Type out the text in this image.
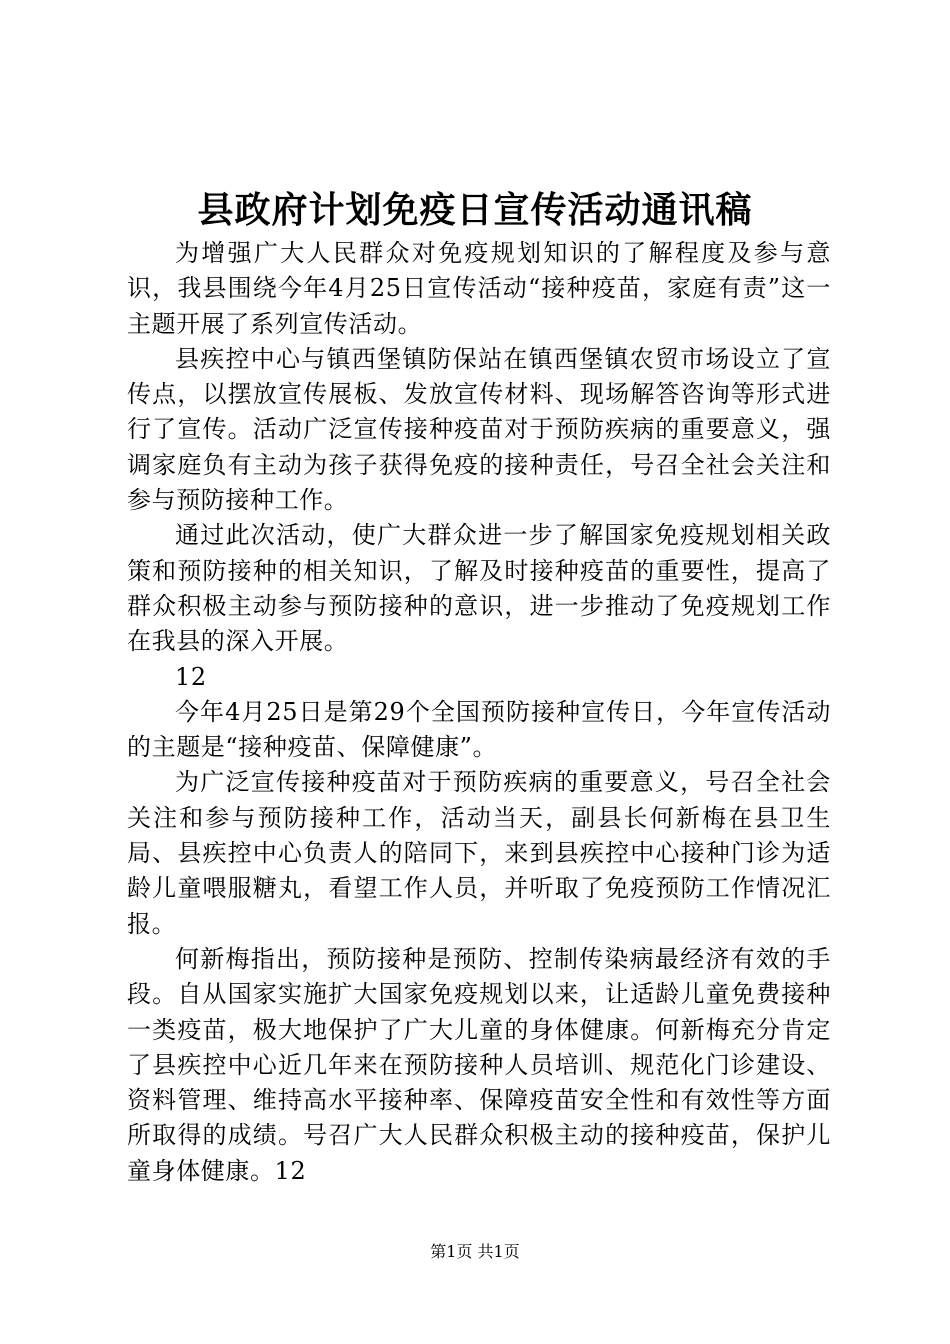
县政府计划免疫日宣传活动通讯稿

为增强广大人民群众对免疫规划知识的了解程度及参与意识，我县围绕今年4月25日宣传活动“接种疫苗，家庭有责”这一主题开展了系列宣传活动。

县疾控中心与镇西堡镇防保站在镇西堡镇农贸市场设立了宣传点，以摆放宣传展板、发放宣传材料、现场解答咨询等形式进行了宣传。活动广泛宣传接种疫苗对于预防疾病的重要意义，强调家庭负有主动为孩子获得免疫的接种责任，号召全社会关注和参与预防接种工作。

通过此次活动，使广大群众进一步了解国家免疫规划相关政策和预防接种的相关知识，了解及时接种疫苗的重要性，提高了群众积极主动参与预防接种的意识，进一步推动了免疫规划工作在我县的深入开展。

12

今年4月25日是第29个全国预防接种宣传日，今年宣传活动的主题是“接种疫苗、保障健康”。

为广泛宣传接种疫苗对于预防疾病的重要意义，号召全社会关注和参与预防接种工作，活动当天，副县长何新梅在县卫生局、县疾控中心负责人的陪同下，来到县疾控中心接种门诊为适龄儿童喂服糖丸，看望工作人员，并听取了免疫预防工作情况汇报。

何新梅指出，预防接种是预防、控制传染病最经济有效的手段。自从国家实施扩大国家免疫规划以来，让适龄儿童免费接种一类疫苗，极大地保护了广大儿童的身体健康。何新梅充分肯定了县疾控中心近几年来在预防接种人员培训、规范化门诊建设、资料管理、维持高水平接种率、保障疫苗安全性和有效性等方面所取得的成绩。号召广大人民群众积极主动的接种疫苗，保护儿童身体健康。12

第1页 共1页
